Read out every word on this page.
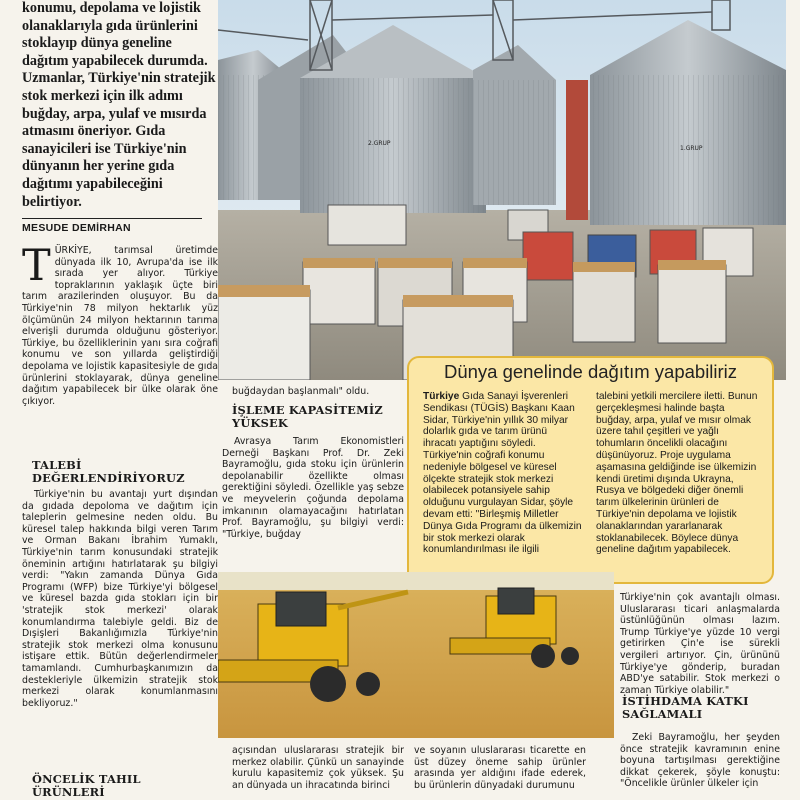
konumu, depolama ve lojistik olanaklarıyla gıda ürünlerini stoklayıp dünya geneline dağıtım yapabilecek durumda. Uzmanlar, Türkiye'nin stratejik stok merkezi için ilk adımı buğday, arpa, yulaf ve mısırda atmasını öneriyor. Gıda sanayicileri ise Türkiye'nin dünyanın her yerine gıda dağıtımı yapabileceğini belirtiyor.
MESUDE DEMİRHAN
T ÜRKİYE, tarımsal üretimde dünyada ilk 10, Avrupa'da ise ilk sırada yer alıyor. Türkiye topraklarının yaklaşık üçte biri tarım arazilerinden oluşuyor. Bu da Türkiye'nin 78 milyon hektarlık yüz ölçümünün 24 milyon hektarının tarıma elverişli durumda olduğunu gösteriyor. Türkiye, bu özelliklerinin yanı sıra coğrafi konumu ve son yıllarda geliştirdiği depolama ve lojistik kapasitesiyle de gıda ürünlerini stoklayarak, dünya geneline dağıtım yapabilecek bir ülke olarak öne çıkıyor.
TALEBİ DEĞERLENDİRİYORUZ

Türkiye'nin bu avantajı yurt dışından da gıdada depoloma ve dağıtım için taleplerin gelmesine neden oldu. Bu küresel talep hakkında bilgi veren Tarım ve Orman Bakanı İbrahim Yumaklı, Türkiye'nin tarım konusundaki stratejik öneminin artığını hatırlatarak şu bilgiyi verdi: "Yakın zamanda Dünya Gıda Programı (WFP) bize Türkiye'yi bölgesel ve küresel bazda gıda stokları için bir 'stratejik stok merkezi' olarak konumlandırma talebiyle geldi. Biz de Dışişleri Bakanlığımızla Türkiye'nin stratejik stok merkezi olma konusunu istişare ettik. Bütün değerlendirmeler tamamlandı. Cumhurbaşkanımızın da destekleriyle ülkemizin stratejik stok merkezi olarak konumlanmasını bekliyoruz."

ÖNCELİK TAHIL ÜRÜNLERİ
2.GRUP
1.GRUP
buğdaydan başlanmalı" oldu.
İŞLEME KAPASİTEMİZ YÜKSEK

Avrasya Tarım Ekonomistleri Derneği Başkanı Prof. Dr. Zeki Bayramoğlu, gıda stoku için ürünlerin depolanabilir özellikte olması gerektiğini söyledi. Özellikle yaş sebze ve meyvelerin çoğunda depolama imkanının olamayacağını hatırlatan Prof. Bayramoğlu, şu bilgiyi verdi: "Türkiye, buğday

Dünya genelinde dağıtım yapabiliriz

Türkiye Gıda Sanayi İşverenleri Sendikası (TÜGİS) Başkanı Kaan Sidar, Türkiye'nin yıllık 30 milyar dolarlık gıda ve tarım ürünü ihracatı yaptığını söyledi. Türkiye'nin coğrafi konumu nedeniyle bölgesel ve küresel ölçekte stratejik stok merkezi olabilecek potansiyele sahip olduğunu vurgulayan Sidar, şöyle devam etti: "Birleşmiş Milletler Dünya Gıda Programı da ülkemizin bir stok merkezi olarak konumlandırılması ile ilgili

talebini yetkili mercilere iletti. Bunun gerçekleşmesi halinde başta buğday, arpa, yulaf ve mısır olmak üzere tahıl çeşitleri ve yağlı tohumların öncelikli olacağını düşünüyoruz. Proje uygulama aşamasına geldiğinde ise ülkemizin kendi üretimi dışında Ukrayna, Rusya ve bölgedeki diğer önemli tarım ülkelerinin ürünleri de Türkiye'nin depolama ve lojistik olanaklarından yararlanarak stoklanabilecek. Böylece dünya geneline dağıtım yapabilecek.

Türkiye'nin çok avantajlı olması. Uluslararası ticari anlaşmalarda üstünlüğünün olması lazım. Trump Türkiye'ye yüzde 10 vergi getirirken Çin'e ise sürekli vergileri artırıyor. Çin, ürününü Türkiye'ye gönderip, buradan ABD'ye satabilir. Stok merkezi o zaman Türkiye olabilir."

İSTİHDAMA KATKI SAĞLAMALI

Zeki Bayramoğlu, her şeyden önce stratejik kavramının enine boyuna tartışılması gerektiğine dikkat çekerek, şöyle konuştu: "Öncelikle ürünler ülkeler için

açısından uluslararası stratejik bir merkez olabilir. Çünkü un sanayinde kurulu kapasitemiz çok yüksek. Şu an dünyada un ihracatında birinci
ve soyanın uluslararası ticarette en üst düzey öneme sahip ürünler arasında yer aldığını ifade ederek, bu ürünlerin dünyadaki durumunu
